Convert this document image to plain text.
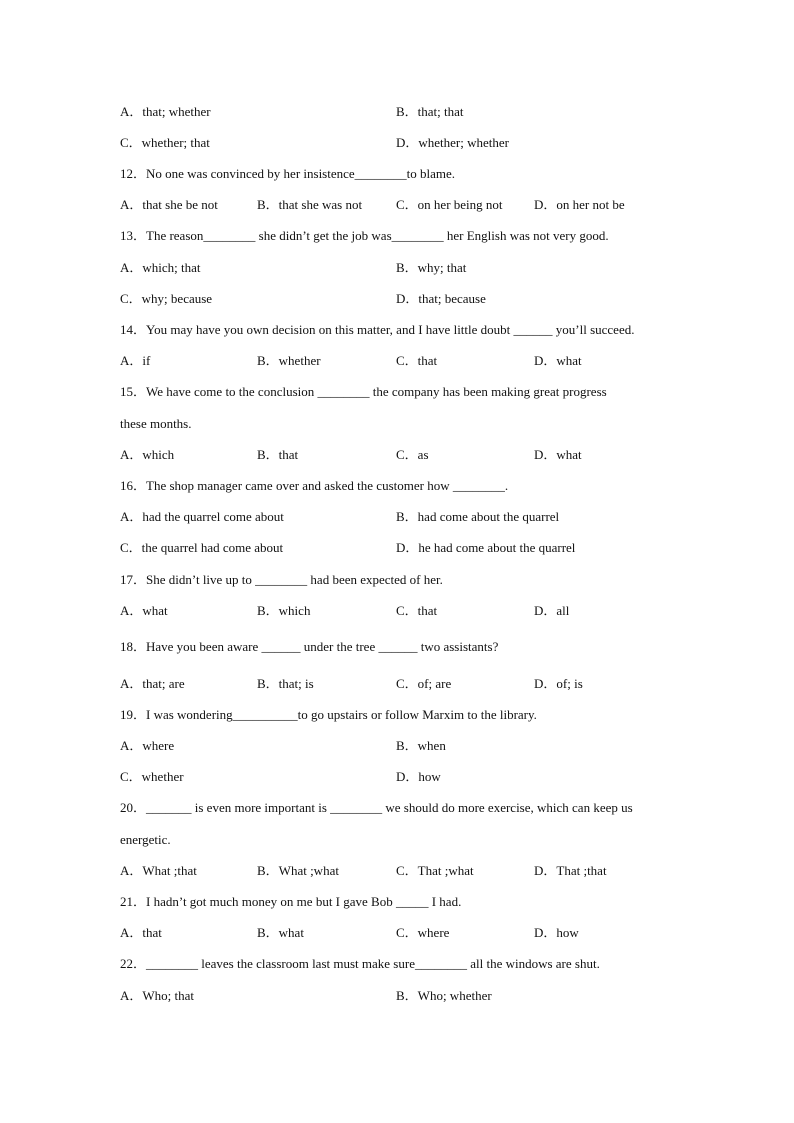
A．that; whether	B．that; that
C．whether; that	D．whether; whether
12．No one was convinced by her insistence________to blame.
A．that she be not	B．that she was not	C．on her being not D．on her not be
13．The reason________ she didn’t get the job was________ her English was not very good.
A．which; that	B．why; that
C．why; because	D．that; because
14．You may have you own decision on this matter, and I have little doubt ______ you’ll succeed.
A．if	B．whether	C．that	D．what
15．We have come to the conclusion ________ the company has been making great progress
these months.
A．which	B．that	C．as	D．what
16．The shop manager came over and asked the customer how ________.
A．had the quarrel come about	B．had come about the quarrel
C．the quarrel had come about	D．he had come about the quarrel
17．She didn’t live up to ________ had been expected of her.
A．what	B．which	C．that	D．all
18．Have you been aware ______ under the tree ______ two assistants?
A．that; are	B．that; is	C．of; are	D．of; is
19．I was wondering__________to go upstairs or follow Marxim to the library.
A．where	B．when
C．whether	D．how
20．_______ is even more important is ________ we should do more exercise, which can keep us
energetic.
A．What ;that	B．What ;what	C．That ;what	D．That ;that
21．I hadn’t got much money on me but I gave Bob _____ I had.
A．that	B．what	C．where	D．how
22．________ leaves the classroom last must make sure________ all the windows are shut.
A．Who; that	B．Who; whether
